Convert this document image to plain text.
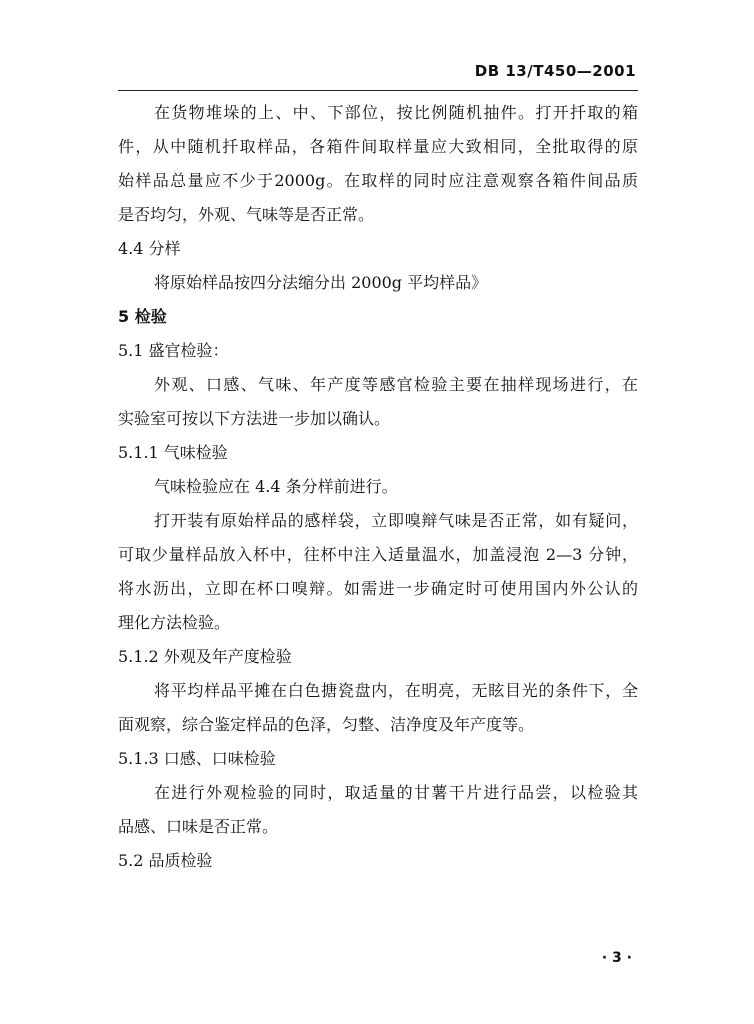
DB 13/T450—2001
在货物堆垛的上、中、下部位，按比例随机抽件。打开扦取的箱
件，从中随机扦取样品，各箱件间取样量应大致相同，全批取得的原
始样品总量应不少于2000g。在取样的同时应注意观察各箱件间品质
是否均匀，外观、气味等是否正常。
4.4 分样
将原始样品按四分法缩分出 2000g 平均样品》
5 检验
5.1 盛官检验：
外观、口感、气味、年产度等感官检验主要在抽样现场进行，在
实验室可按以下方法进一步加以确认。
5.1.1 气味检验
气味检验应在 4.4 条分样前进行。
打开装有原始样品的感样袋，立即嗅辩气味是否正常，如有疑问，
可取少量样品放入杯中，往杯中注入适量温水，加盖浸泡 2—3 分钟，
将水沥出，立即在杯口嗅辩。如需进一步确定时可使用国内外公认的
理化方法检验。
5.1.2 外观及年产度检验
将平均样品平摊在白色搪瓷盘内，在明亮，无眩目光的条件下，全
面观察，综合鉴定样品的色泽，匀整、洁净度及年产度等。
5.1.3 口感、口味检验
在进行外观检验的同时，取适量的甘薯干片进行品尝，以检验其
品感、口味是否正常。
5.2 品质检验
· 3 ·
